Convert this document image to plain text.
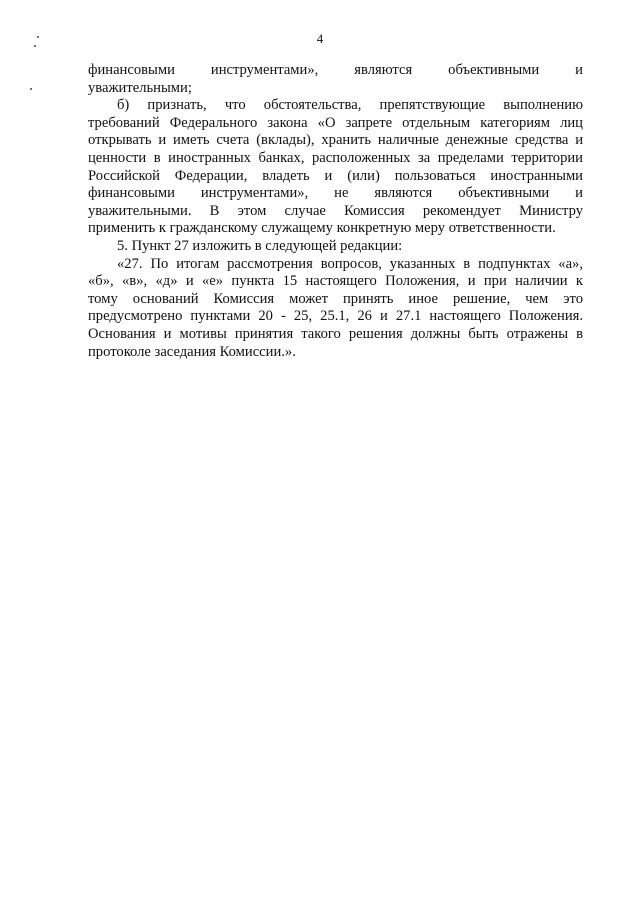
4
финансовыми инструментами», являются объективными и
уважительными;
б) признать, что обстоятельства, препятствующие выполнению
требований Федерального закона «О запрете отдельным категориям лиц
открывать и иметь счета (вклады), хранить наличные денежные средства и
ценности в иностранных банках, расположенных за пределами территории
Российской Федерации, владеть и (или) пользоваться иностранными
финансовыми инструментами», не являются объективными и
уважительными. В этом случае Комиссия рекомендует Министру
применить к гражданскому служащему конкретную меру ответственности.
5. Пункт 27 изложить в следующей редакции:
«27. По итогам рассмотрения вопросов, указанных в подпунктах «а»,
«б», «в», «д» и «е» пункта 15 настоящего Положения, и при наличии к
тому оснований Комиссия может принять иное решение, чем это
предусмотрено пунктами 20 - 25, 25.1, 26 и 27.1 настоящего Положения.
Основания и мотивы принятия такого решения должны быть отражены в
протоколе заседания Комиссии.».
